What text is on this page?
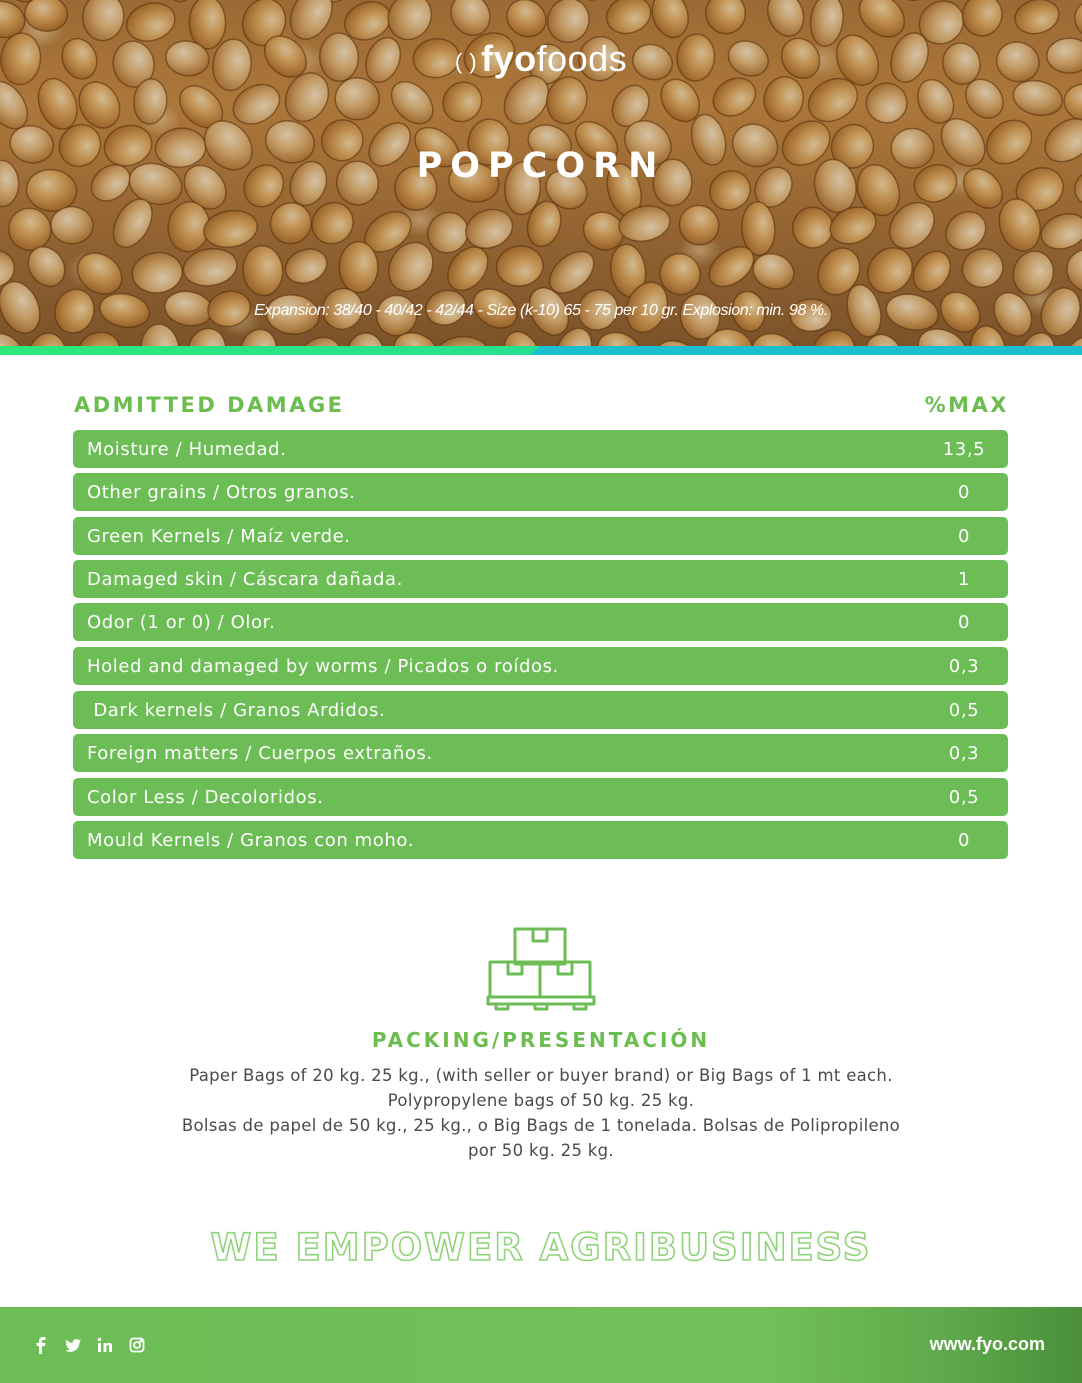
( ) fyofoods
POPCORN
Expansion: 38/40 - 40/42 - 42/44 - Size (k-10) 65 - 75 per 10 gr. Explosion: min. 98 %.
ADMITTED DAMAGE	%MAX
Moisture / Humedad.	13,5
Other grains / Otros granos.	0
Green Kernels / Maíz verde.	0
Damaged skin / Cáscara dañada.	1
Odor (1 or 0) / Olor.	0
Holed and damaged by worms / Picados o roídos.	0,3
Dark kernels / Granos Ardidos.	0,5
Foreign matters / Cuerpos extraños.	0,3
Color Less / Decoloridos.	0,5
Mould Kernels / Granos con moho.	0
PACKING/PRESENTACIÓN
Paper Bags of 20 kg. 25 kg., (with seller or buyer brand) or Big Bags of 1 mt each.
Polypropylene bags of 50 kg. 25 kg.
Bolsas de papel de 50 kg., 25 kg., o Big Bags de 1 tonelada. Bolsas de Polipropileno
por 50 kg. 25 kg.
WE EMPOWER AGRIBUSINESS
www.fyo.com
